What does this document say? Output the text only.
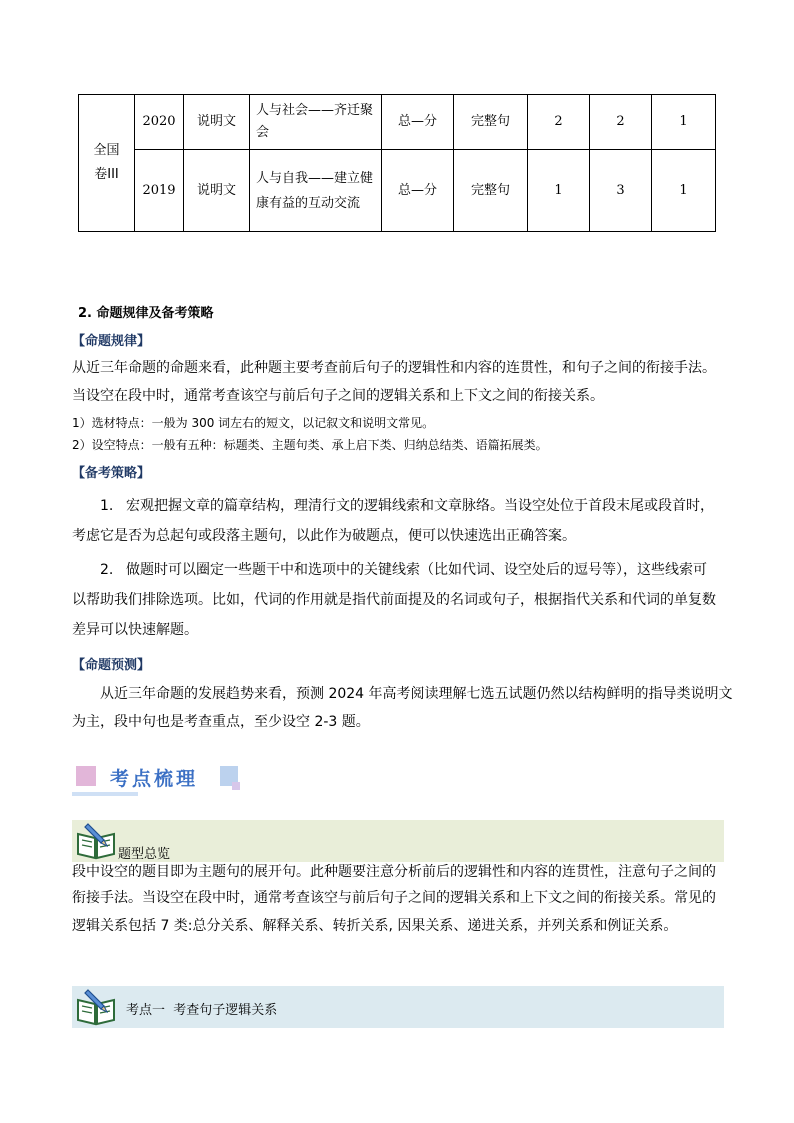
全国卷III	2020	说明文	人与社会——齐迁聚会	总—分	完整句	2	2	1
	2019	说明文	人与自我——建立健康有益的互动交流	总—分	完整句	1	3	1
2. 命题规律及备考策略
【命题规律】
从近三年命题的命题来看，此种题主要考查前后句子的逻辑性和内容的连贯性，和句子之间的衔接手法。
当设空在段中时，通常考查该空与前后句子之间的逻辑关系和上下文之间的衔接关系。
1）选材特点：一般为 300 词左右的短文，以记叙文和说明文常见。
2）设空特点：一般有五种：标题类、主题句类、承上启下类、归纳总结类、语篇拓展类。
【备考策略】
1. 宏观把握文章的篇章结构，理清行文的逻辑线索和文章脉络。当设空处位于首段末尾或段首时，
考虑它是否为总起句或段落主题句，以此作为破题点，便可以快速选出正确答案。
2. 做题时可以圈定一些题干中和选项中的关键线索（比如代词、设空处后的逗号等），这些线索可
以帮助我们排除选项。比如，代词的作用就是指代前面提及的名词或句子，根据指代关系和代词的单复数
差异可以快速解题。
【命题预测】
从近三年命题的发展趋势来看，预测 2024 年高考阅读理解七选五试题仍然以结构鲜明的指导类说明文
为主，段中句也是考查重点，至少设空 2-3 题。
考点梳理
题型总览
段中设空的题目即为主题句的展开句。此种题要注意分析前后的逻辑性和内容的连贯性，注意句子之间的
衔接手法。当设空在段中时，通常考查该空与前后句子之间的逻辑关系和上下文之间的衔接关系。常见的
逻辑关系包括 7 类:总分关系、解释关系、转折关系, 因果关系、递进关系，并列关系和例证关系。
考点一  考查句子逻辑关系
